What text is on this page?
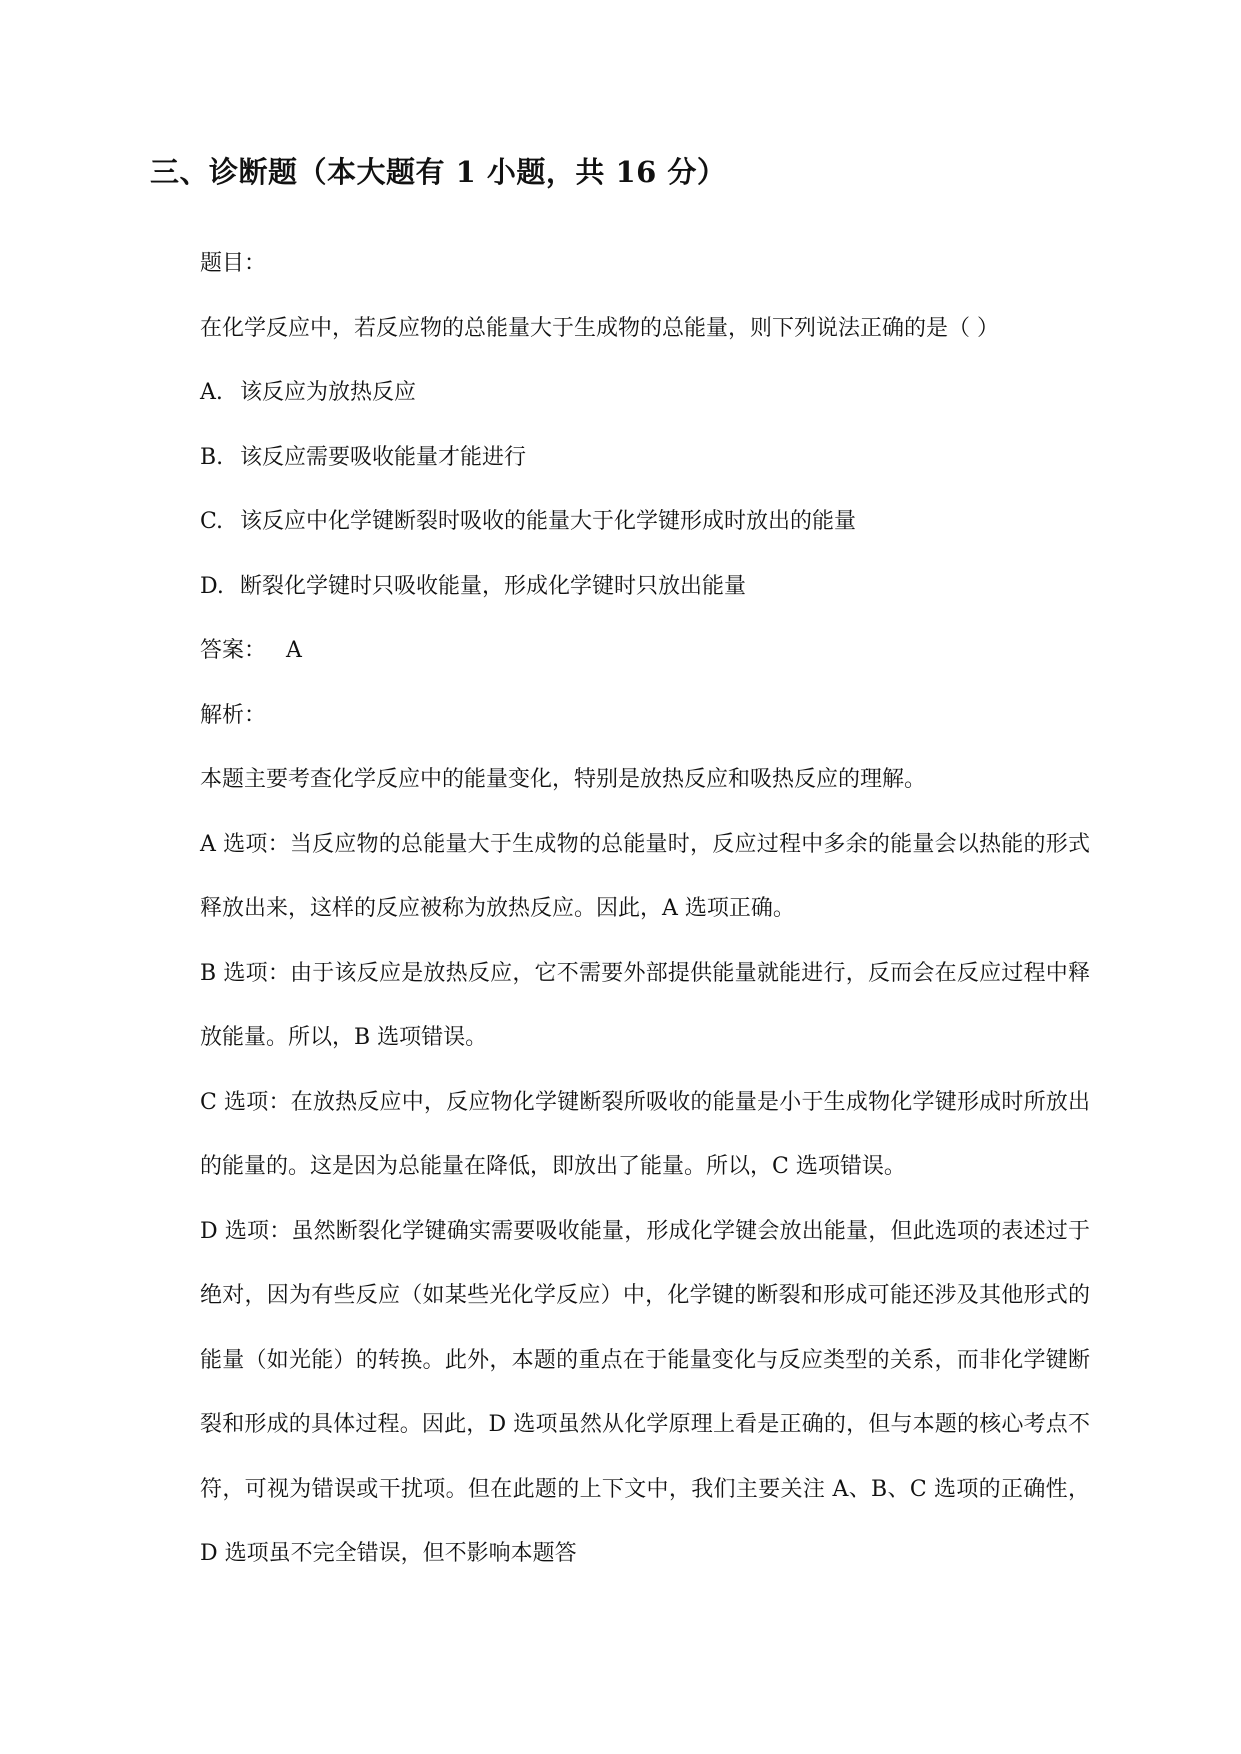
三、诊断题（本大题有 1 小题，共 16 分）

题目：

在化学反应中，若反应物的总能量大于生成物的总能量，则下列说法正确的是（ ）

A. 该反应为放热反应

B. 该反应需要吸收能量才能进行

C. 该反应中化学键断裂时吸收的能量大于化学键形成时放出的能量

D. 断裂化学键时只吸收能量，形成化学键时只放出能量

答案： A

解析：

本题主要考查化学反应中的能量变化，特别是放热反应和吸热反应的理解。

A 选项：当反应物的总能量大于生成物的总能量时，反应过程中多余的能量会以热能的形式释放出来，这样的反应被称为放热反应。因此，A 选项正确。

B 选项：由于该反应是放热反应，它不需要外部提供能量就能进行，反而会在反应过程中释放能量。所以，B 选项错误。

C 选项：在放热反应中，反应物化学键断裂所吸收的能量是小于生成物化学键形成时所放出的能量的。这是因为总能量在降低，即放出了能量。所以，C 选项错误。

D 选项：虽然断裂化学键确实需要吸收能量，形成化学键会放出能量，但此选项的表述过于绝对，因为有些反应（如某些光化学反应）中，化学键的断裂和形成可能还涉及其他形式的能量（如光能）的转换。此外，本题的重点在于能量变化与反应类型的关系，而非化学键断裂和形成的具体过程。因此，D 选项虽然从化学原理上看是正确的，但与本题的核心考点不符，可视为错误或干扰项。但在此题的上下文中，我们主要关注 A、B、C 选项的正确性，D 选项虽不完全错误，但不影响本题答
